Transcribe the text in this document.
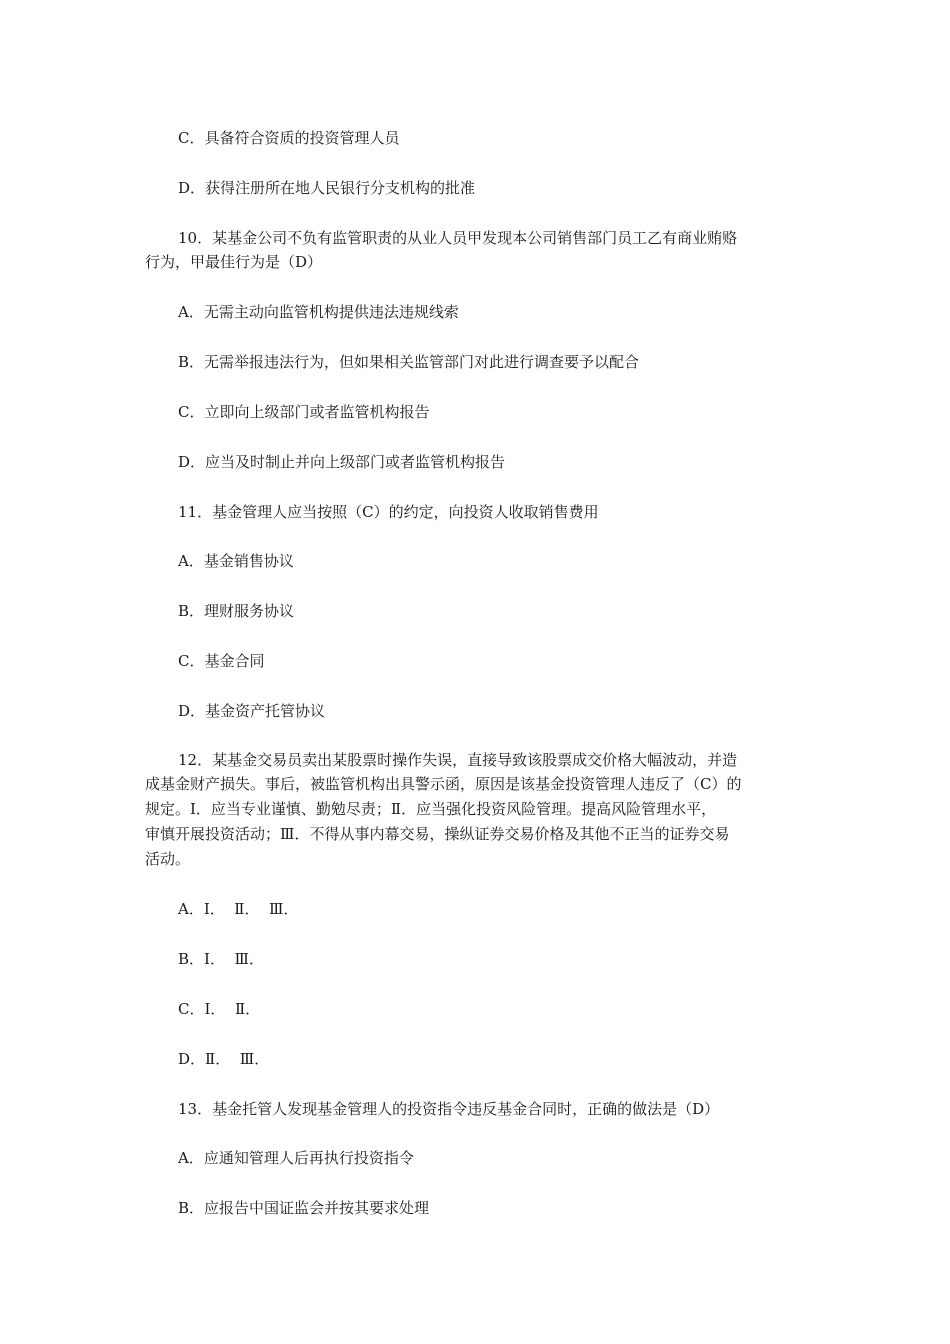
C．具备符合资质的投资管理人员

D．获得注册所在地人民银行分支机构的批准

10．某基金公司不负有监管职责的从业人员甲发现本公司销售部门员工乙有商业贿赂

行为，甲最佳行为是（D）

A．无需主动向监管机构提供违法违规线索

B．无需举报违法行为，但如果相关监管部门对此进行调查要予以配合

C．立即向上级部门或者监管机构报告

D．应当及时制止并向上级部门或者监管机构报告

11．基金管理人应当按照（C）的约定，向投资人收取销售费用

A．基金销售协议

B．理财服务协议

C．基金合同

D．基金资产托管协议

12．某基金交易员卖出某股票时操作失误，直接导致该股票成交价格大幅波动，并造

成基金财产损失。事后，被监管机构出具警示函，原因是该基金投资管理人违反了（C）的

规定。Ⅰ．应当专业谨慎、勤勉尽责；Ⅱ．应当强化投资风险管理。提高风险管理水平，

审慎开展投资活动；Ⅲ．不得从事内幕交易，操纵证券交易价格及其他不正当的证券交易

活动。

A．Ⅰ．  Ⅱ．  Ⅲ．

B．Ⅰ．  Ⅲ．

C．Ⅰ．  Ⅱ．

D．Ⅱ．  Ⅲ．

13．基金托管人发现基金管理人的投资指令违反基金合同时，正确的做法是（D）

A．应通知管理人后再执行投资指令

B．应报告中国证监会并按其要求处理
